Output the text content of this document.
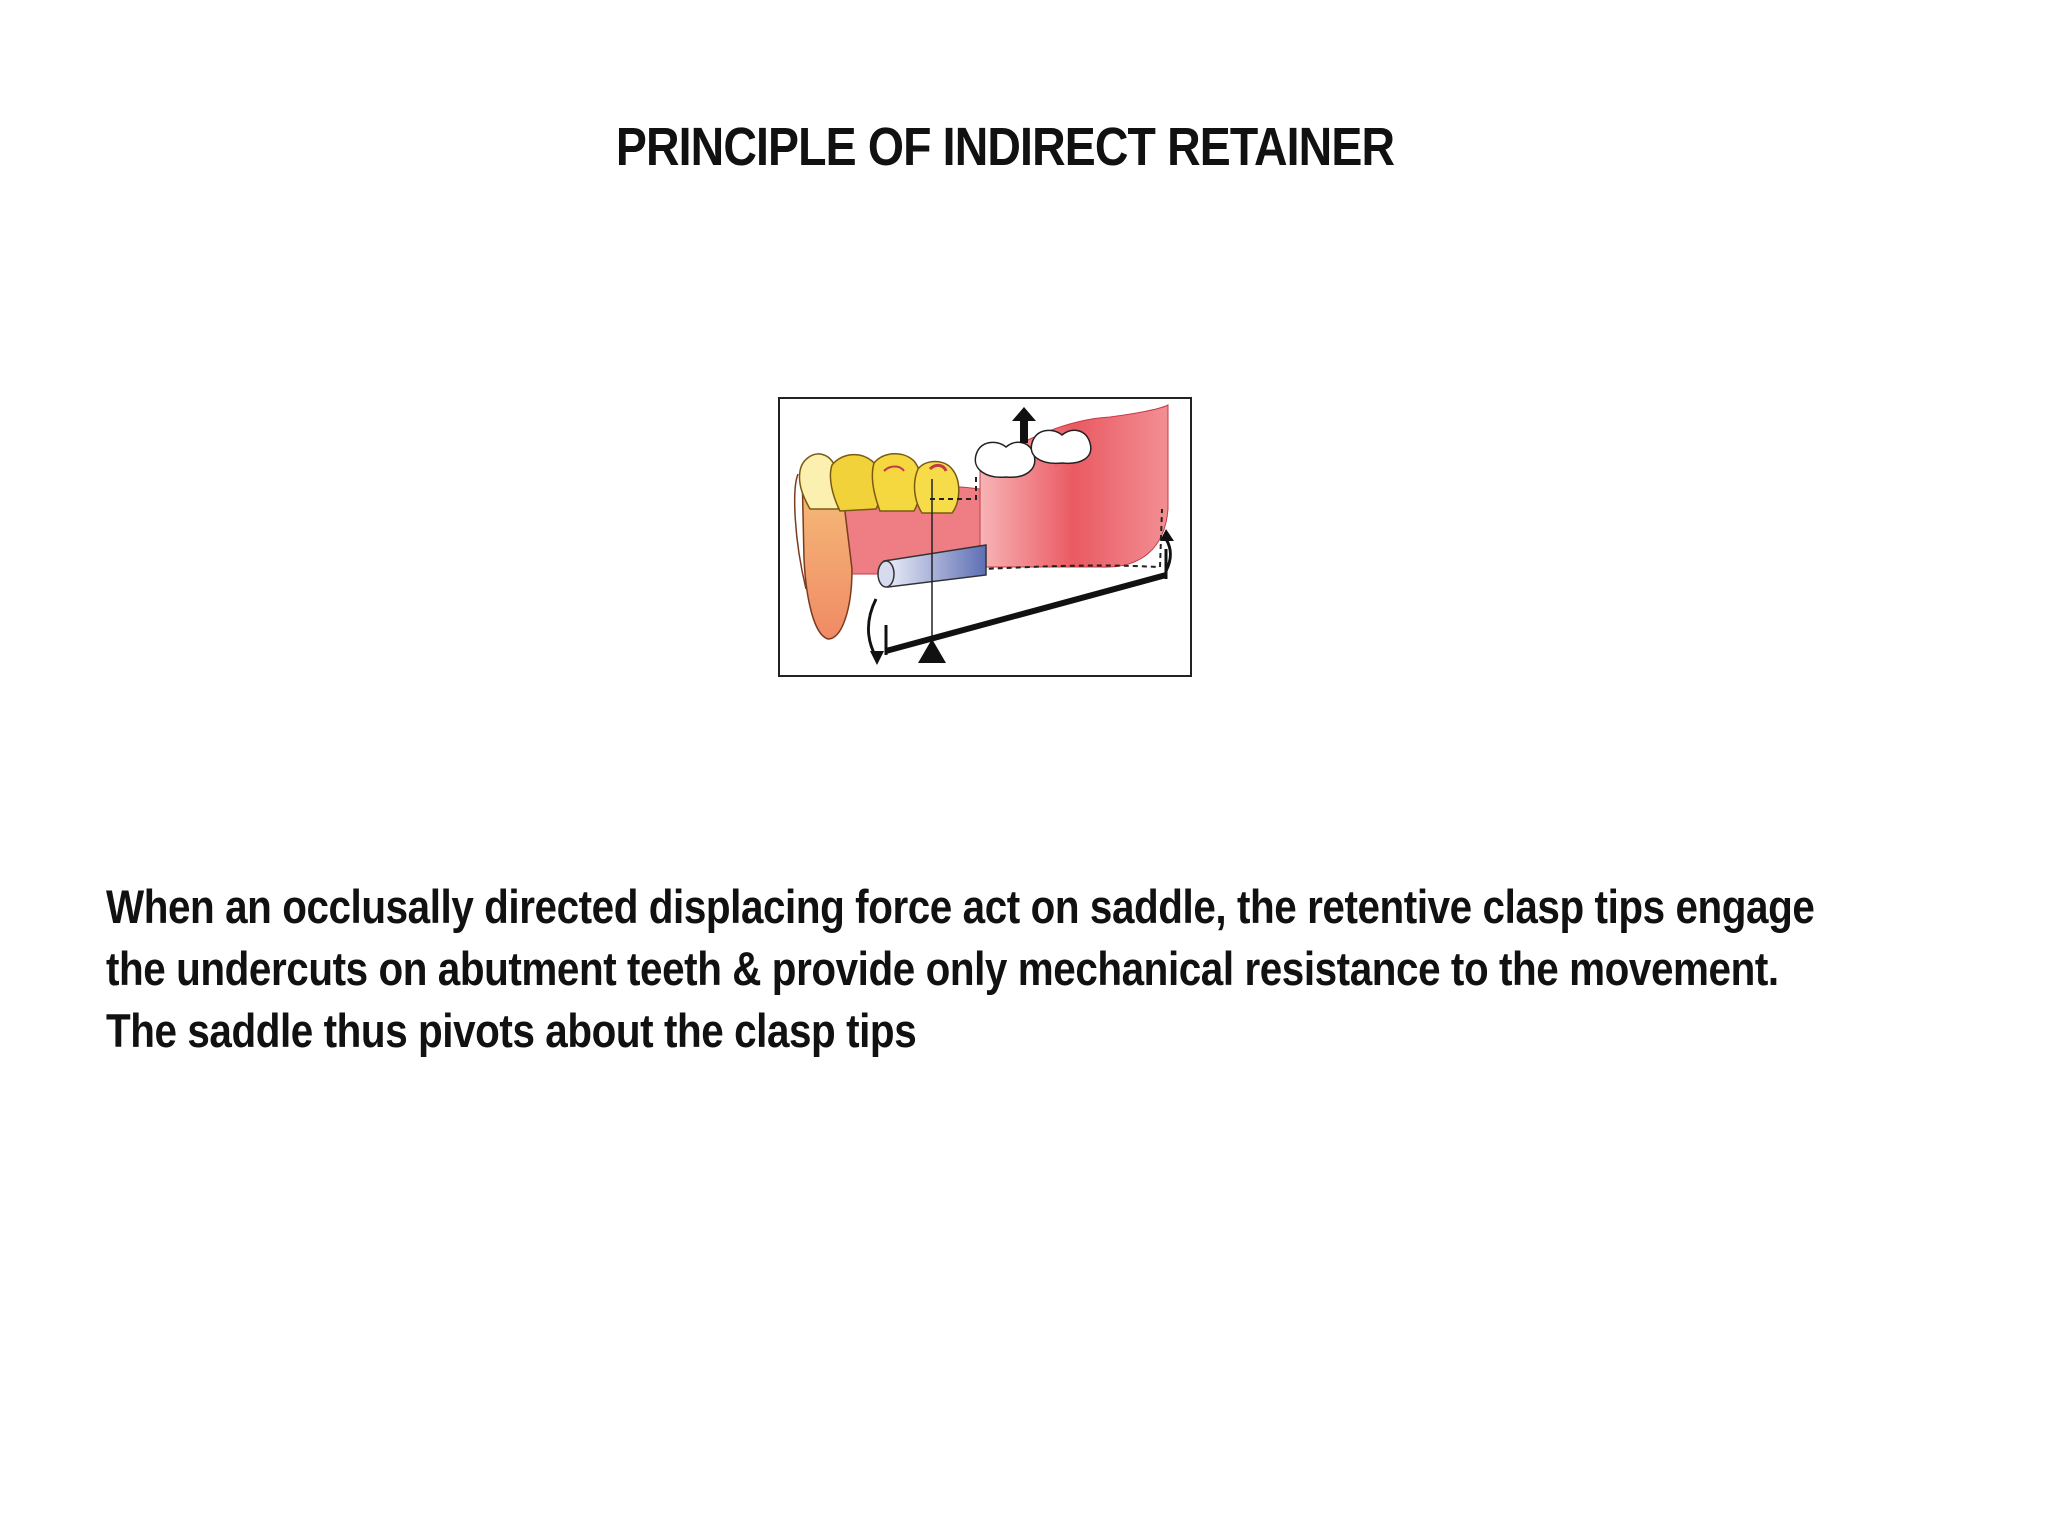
PRINCIPLE OF INDIRECT RETAINER

When an occlusally directed displacing force act on saddle, the retentive clasp tips engage
the undercuts on abutment teeth & provide only mechanical resistance to the movement.
The saddle thus pivots about the clasp tips
